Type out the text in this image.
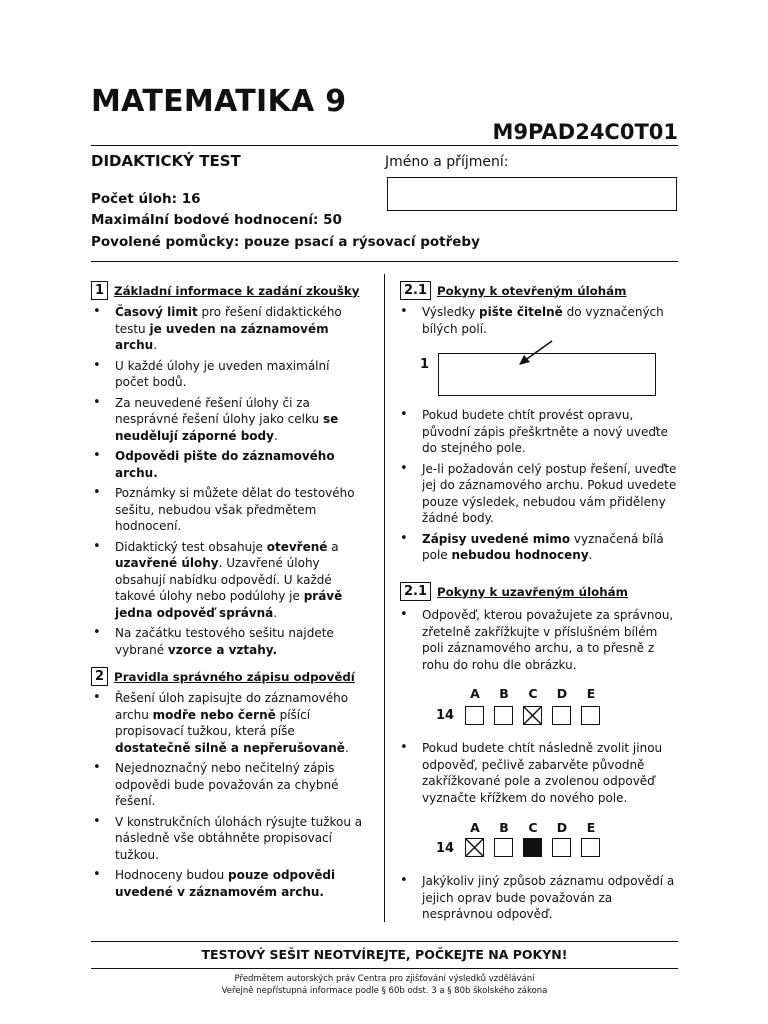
MATEMATIKA 9
M9PAD24C0T01
DIDAKTICKÝ TEST	Jméno a příjmení:
Počet úloh: 16
Maximální bodové hodnocení: 50
Povolené pomůcky: pouze psací a rýsovací potřeby
1 Základní informace k zadání zkoušky
• Časový limit pro řešení didaktického testu je uveden na záznamovém archu.
• U každé úlohy je uveden maximální počet bodů.
• Za neuvedené řešení úlohy či za nesprávné řešení úlohy jako celku se neudělují záporné body.
• Odpovědi pište do záznamového archu.
• Poznámky si můžete dělat do testového sešitu, nebudou však předmětem hodnocení.
• Didaktický test obsahuje otevřené a uzavřené úlohy. Uzavřené úlohy obsahují nabídku odpovědí. U každé takové úlohy nebo podúlohy je právě jedna odpověď správná.
• Na začátku testového sešitu najdete vybrané vzorce a vztahy.
2 Pravidla správného zápisu odpovědí
• Řešení úloh zapisujte do záznamového archu modře nebo černě píšící propisovací tužkou, která píše dostatečně silně a nepřerušovaně.
• Nejednoznačný nebo nečitelný zápis odpovědi bude považován za chybné řešení.
• V konstrukčních úlohách rýsujte tužkou a následně vše obtáhněte propisovací tužkou.
• Hodnoceny budou pouze odpovědi uvedené v záznamovém archu.
2.1 Pokyny k otevřeným úlohám
• Výsledky pište čitelně do vyznačených bílých polí.
1
• Pokud budete chtít provést opravu, původní zápis přeškrtněte a nový uveďte do stejného pole.
• Je-li požadován celý postup řešení, uveďte jej do záznamového archu. Pokud uvedete pouze výsledek, nebudou vám přiděleny žádné body.
• Zápisy uvedené mimo vyznačená bílá pole nebudou hodnoceny.
2.1 Pokyny k uzavřeným úlohám
• Odpověď, kterou považujete za správnou, zřetelně zakřížkujte v příslušném bílém poli záznamového archu, a to přesně z rohu do rohu dle obrázku.
A	B	C	D	E
14
• Pokud budete chtít následně zvolit jinou odpověď, pečlivě zabarvěte původně zakřížkované pole a zvolenou odpověď vyznačte křížkem do nového pole.
A	B	C	D	E
14
• Jakýkoliv jiný způsob záznamu odpovědí a jejich oprav bude považován za nesprávnou odpověď.
TESTOVÝ SEŠIT NEOTVÍREJTE, POČKEJTE NA POKYN!
Předmětem autorských práv Centra pro zjišťování výsledků vzdělávání
Veřejně nepřístupná informace podle § 60b odst. 3 a § 80b školského zákona
